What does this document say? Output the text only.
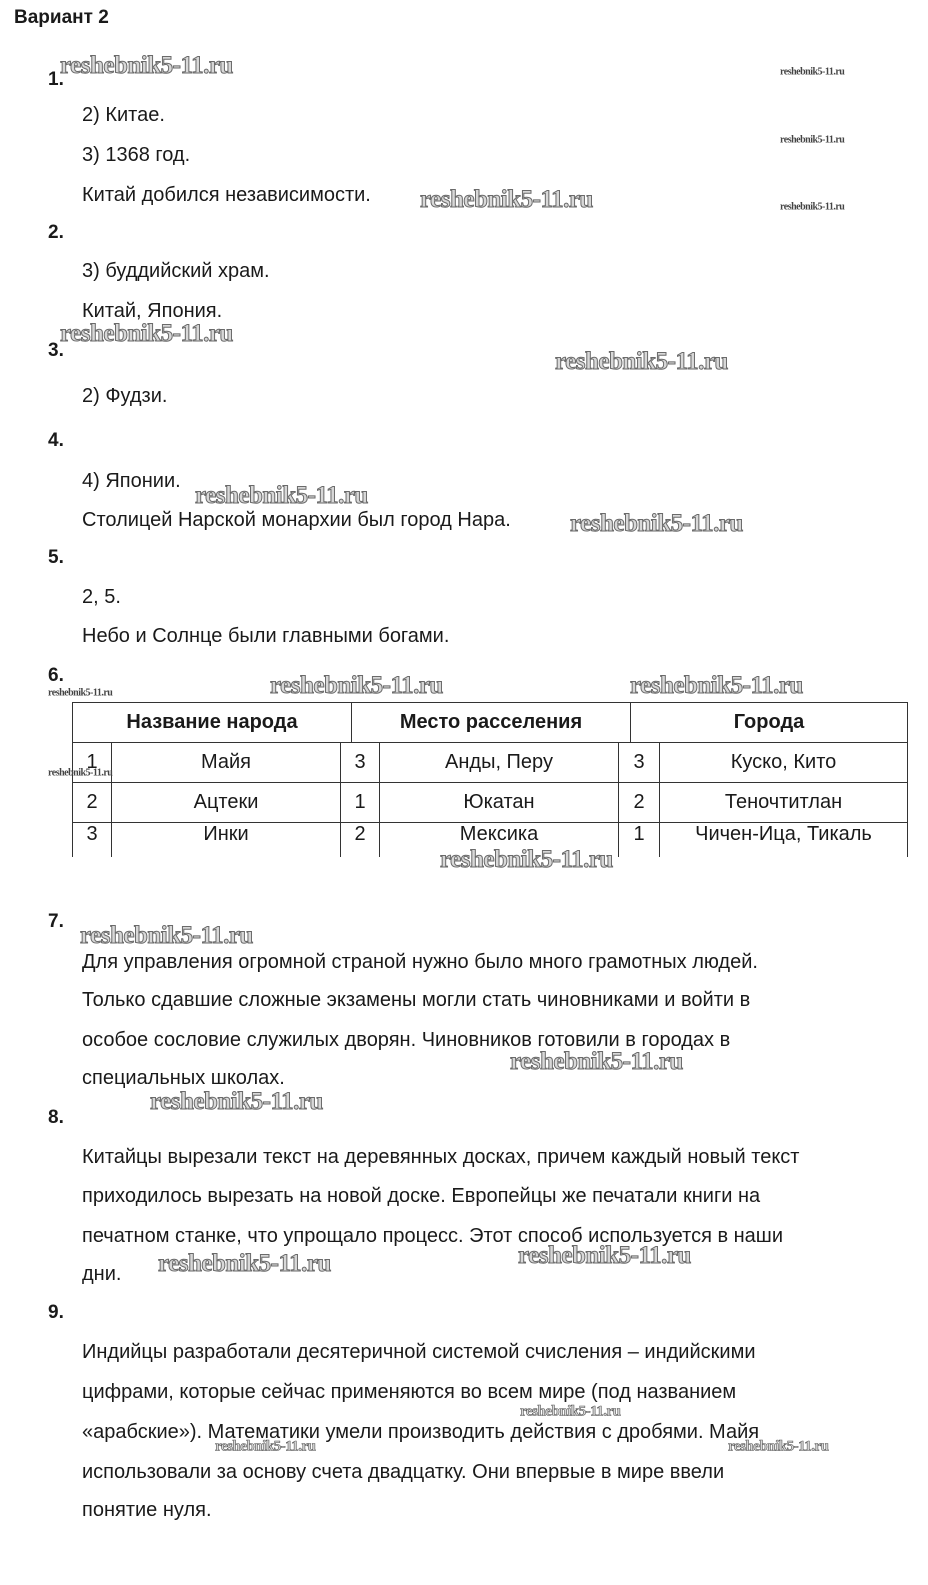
Вариант 2
1.
2) Китае.
3) 1368 год.
Китай добился независимости.
2.
3) буддийский храм.
Китай, Япония.
3.
2) Фудзи.
4.
4) Японии.
Столицей Нарской монархии был город Нара.
5.
2, 5.
Небо и Солнце были главными богами.
6.
Название народа	Место расселения	Города
1	Майя	3	Анды, Перу	3	Куско, Кито
2	Ацтеки	1	Юкатан	2	Теночтитлан
3	Инки	2	Мексика	1	Чичен-Ица, Тикаль
7.
Для управления огромной страной нужно было много грамотных людей.
Только сдавшие сложные экзамены могли стать чиновниками и войти в
особое сословие служилых дворян. Чиновников готовили в городах в
специальных школах.
8.
Китайцы вырезали текст на деревянных досках, причем каждый новый текст
приходилось вырезать на новой доске. Европейцы же печатали книги на
печатном станке, что упрощало процесс. Этот способ используется в наши
дни.
9.
Индийцы разработали десятеричной системой счисления – индийскими
цифрами, которые сейчас применяются во всем мире (под названием
«арабские»). Математики умели производить действия с дробями. Майя
использовали за основу счета двадцатку. Они впервые в мире ввели
понятие нуля.
reshebnik5-11.ru
reshebnik5-11.ru
reshebnik5-11.ru
reshebnik5-11.ru
reshebnik5-11.ru
reshebnik5-11.ru
reshebnik5-11.ru	reshebnik5-11.ru
reshebnik5-11.ru
reshebnik5-11.ru
reshebnik5-11.ru
reshebnik5-11.ru
reshebnik5-11.ru
reshebnik5-11.ru
reshebnik5-11.ru
reshebnik5-11.ru	reshebnik5-11.ru
reshebnik5-11.ru
reshebnik5-11.ru
reshebnik5-11.ru
reshebnik5-11.ru
reshebnik5-11.ru
